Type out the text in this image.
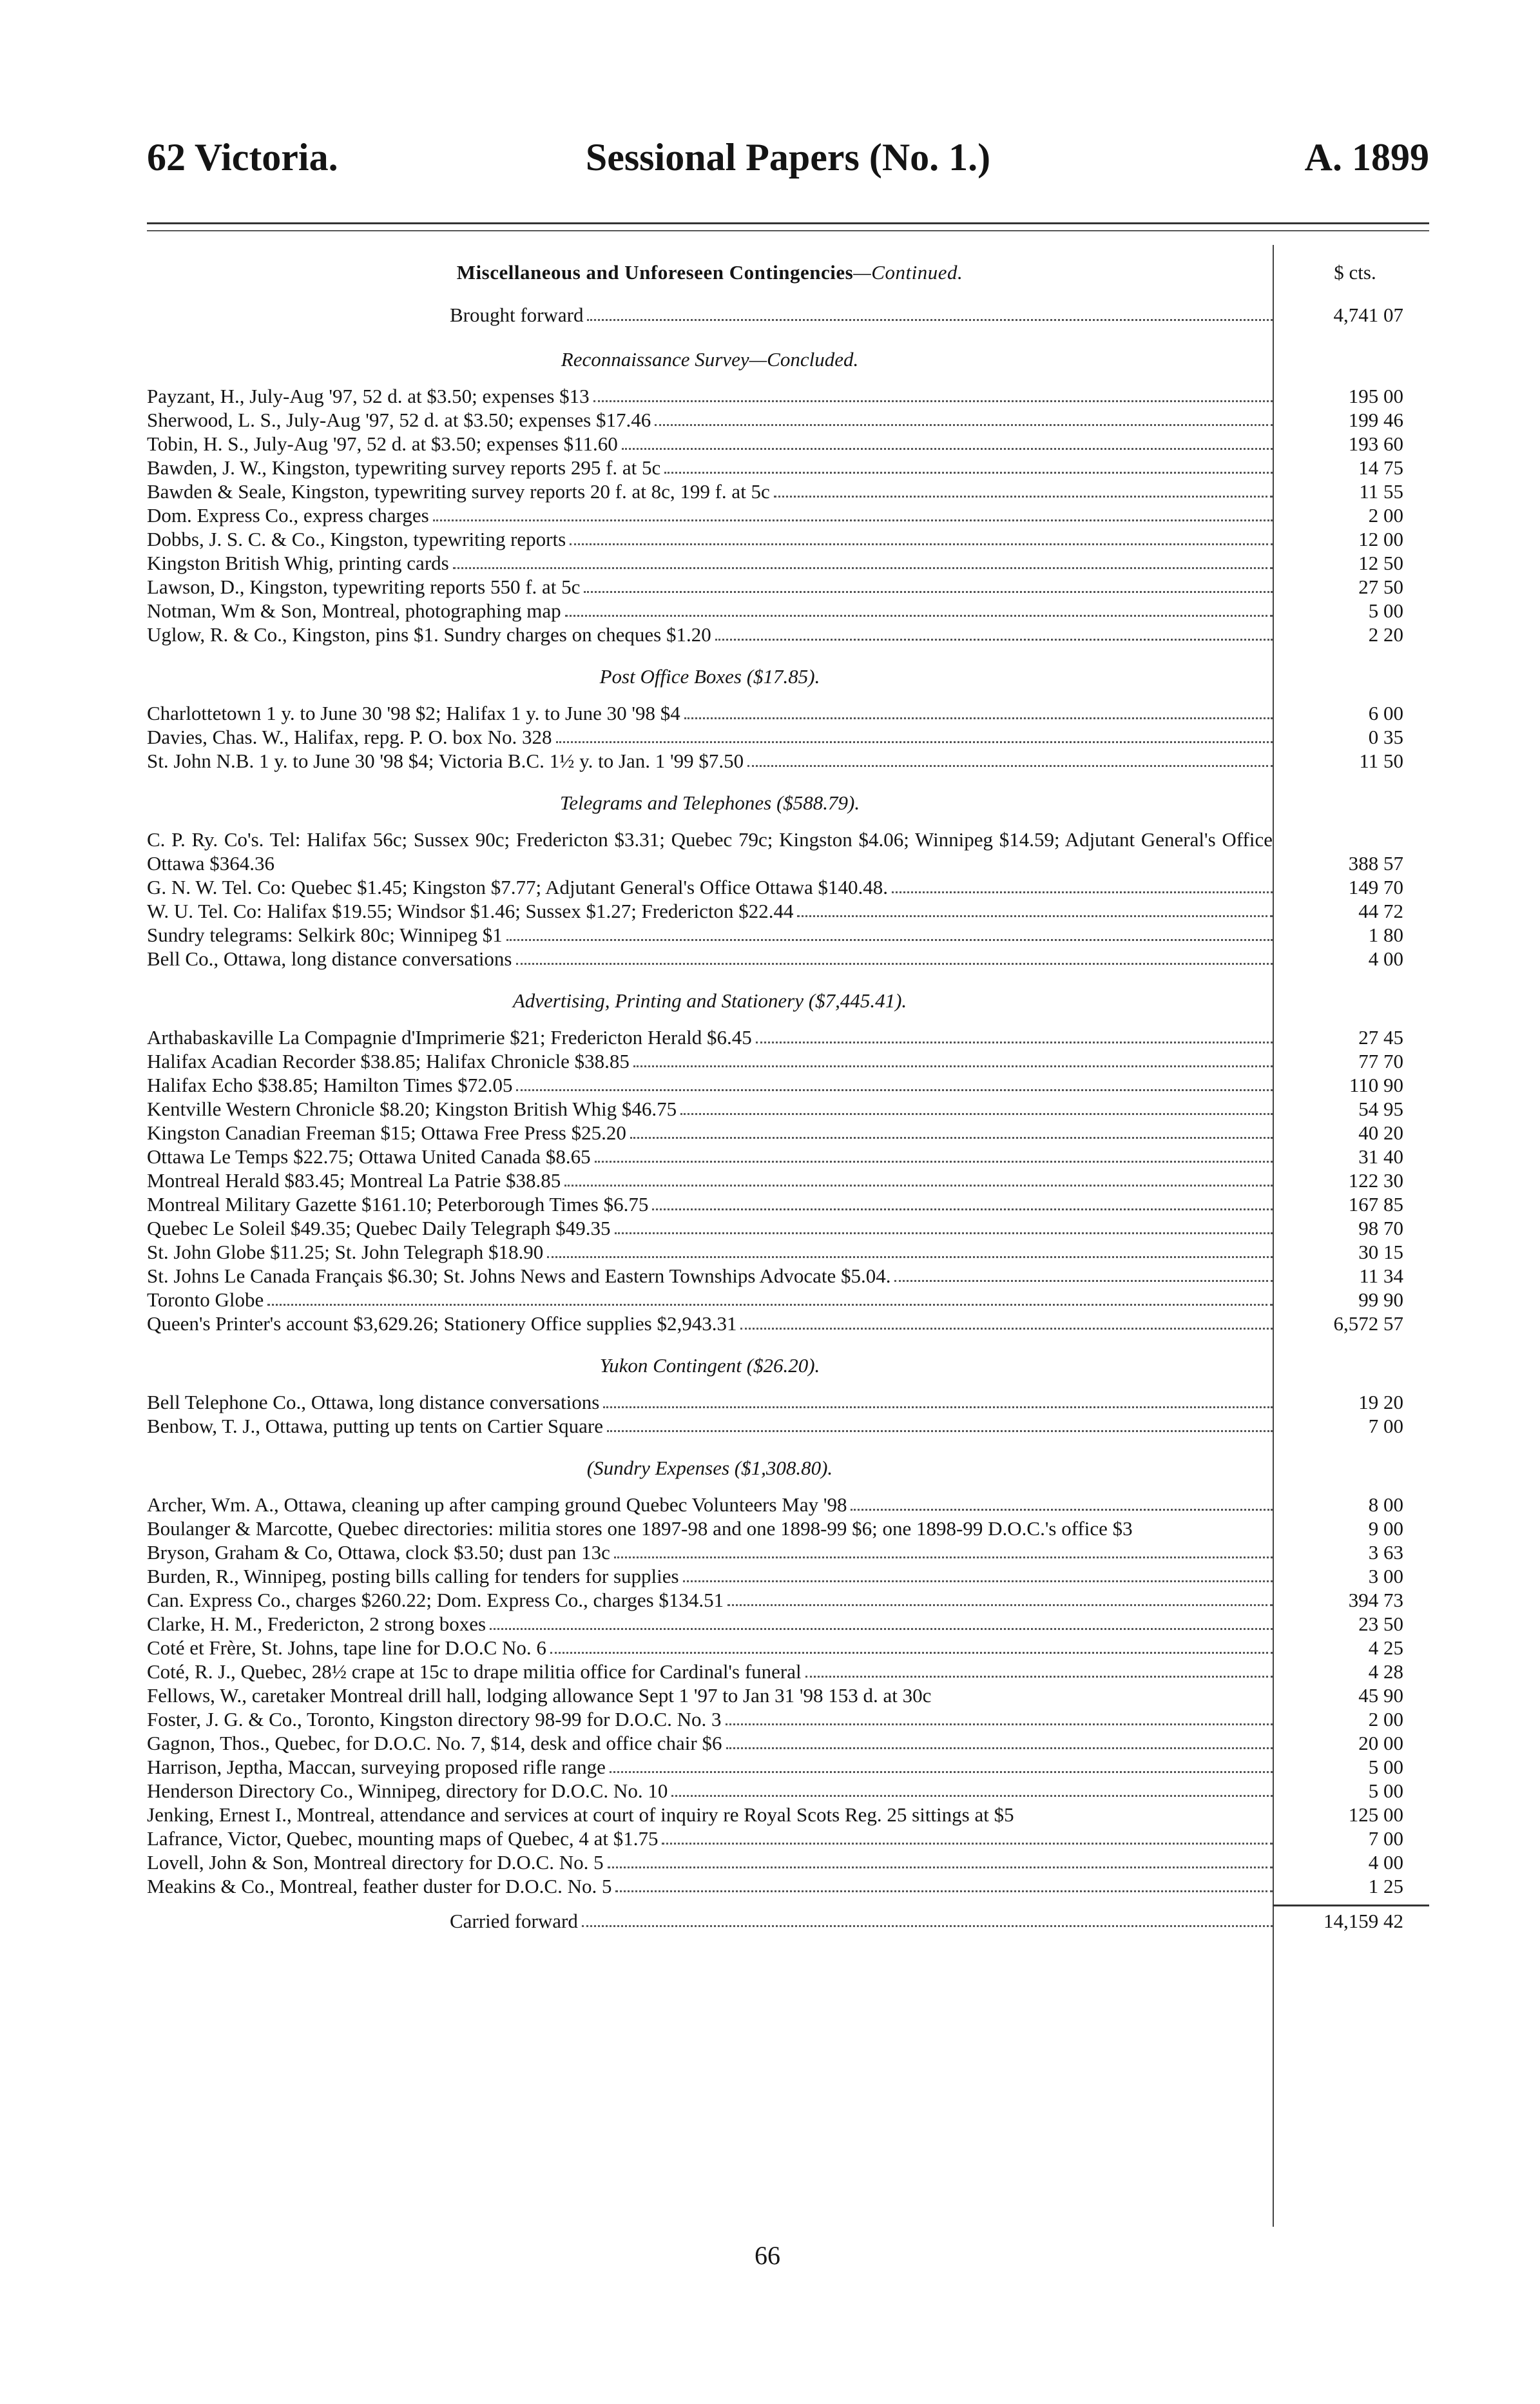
62 Victoria.	Sessional Papers (No. 1.)	A. 1899
Miscellaneous and Unforeseen Contingencies—Continued.	$ cts.
Brought forward	4,741 07
Reconnaissance Survey—Concluded.
Payzant, H., July-Aug '97, 52 d. at $3.50; expenses $13	195 00
Sherwood, L. S., July-Aug '97, 52 d. at $3.50; expenses $17.46	199 46
Tobin, H. S., July-Aug '97, 52 d. at $3.50; expenses $11.60	193 60
Bawden, J. W., Kingston, typewriting survey reports 295 f. at 5c	14 75
Bawden & Seale, Kingston, typewriting survey reports 20 f. at 8c, 199 f. at 5c	11 55
Dom. Express Co., express charges	2 00
Dobbs, J. S. C. & Co., Kingston, typewriting reports	12 00
Kingston British Whig, printing cards	12 50
Lawson, D., Kingston, typewriting reports 550 f. at 5c	27 50
Notman, Wm & Son, Montreal, photographing map	5 00
Uglow, R. & Co., Kingston, pins $1. Sundry charges on cheques $1.20	2 20
Post Office Boxes ($17.85).
Charlottetown 1 y. to June 30 '98 $2; Halifax 1 y. to June 30 '98 $4	6 00
Davies, Chas. W., Halifax, repg. P. O. box No. 328	0 35
St. John N.B. 1 y. to June 30 '98 $4; Victoria B.C. 1½ y. to Jan. 1 '99 $7.50	11 50
Telegrams and Telephones ($588.79).
C. P. Ry. Co's. Tel: Halifax 56c; Sussex 90c; Fredericton $3.31; Quebec 79c; Kingston $4.06; Winnipeg $14.59; Adjutant General's Office Ottawa $364.36	388 57
G. N. W. Tel. Co: Quebec $1.45; Kingston $7.77; Adjutant General's Office Ottawa $140.48.	149 70
W. U. Tel. Co: Halifax $19.55; Windsor $1.46; Sussex $1.27; Fredericton $22.44	44 72
Sundry telegrams: Selkirk 80c; Winnipeg $1	1 80
Bell Co., Ottawa, long distance conversations	4 00
Advertising, Printing and Stationery ($7,445.41).
Arthabaskaville La Compagnie d'Imprimerie $21; Fredericton Herald $6.45	27 45
Halifax Acadian Recorder $38.85; Halifax Chronicle $38.85	77 70
Halifax Echo $38.85; Hamilton Times $72.05	110 90
Kentville Western Chronicle $8.20; Kingston British Whig $46.75	54 95
Kingston Canadian Freeman $15; Ottawa Free Press $25.20	40 20
Ottawa Le Temps $22.75; Ottawa United Canada $8.65	31 40
Montreal Herald $83.45; Montreal La Patrie $38.85	122 30
Montreal Military Gazette $161.10; Peterborough Times $6.75	167 85
Quebec Le Soleil $49.35; Quebec Daily Telegraph $49.35	98 70
St. John Globe $11.25; St. John Telegraph $18.90	30 15
St. Johns Le Canada Français $6.30; St. Johns News and Eastern Townships Advocate $5.04.	11 34
Toronto Globe	99 90
Queen's Printer's account $3,629.26; Stationery Office supplies $2,943.31	6,572 57
Yukon Contingent ($26.20).
Bell Telephone Co., Ottawa, long distance conversations	19 20
Benbow, T. J., Ottawa, putting up tents on Cartier Square	7 00
(Sundry Expenses ($1,308.80).
Archer, Wm. A., Ottawa, cleaning up after camping ground Quebec Volunteers May '98	8 00
Boulanger & Marcotte, Quebec directories: militia stores one 1897-98 and one 1898-99 $6; one 1898-99 D.O.C.'s office $3	9 00
Bryson, Graham & Co, Ottawa, clock $3.50; dust pan 13c	3 63
Burden, R., Winnipeg, posting bills calling for tenders for supplies	3 00
Can. Express Co., charges $260.22; Dom. Express Co., charges $134.51	394 73
Clarke, H. M., Fredericton, 2 strong boxes	23 50
Coté et Frère, St. Johns, tape line for D.O.C No. 6	4 25
Coté, R. J., Quebec, 28½ crape at 15c to drape militia office for Cardinal's funeral	4 28
Fellows, W., caretaker Montreal drill hall, lodging allowance Sept 1 '97 to Jan 31 '98 153 d. at 30c	45 90
Foster, J. G. & Co., Toronto, Kingston directory 98-99 for D.O.C. No. 3	2 00
Gagnon, Thos., Quebec, for D.O.C. No. 7, $14, desk and office chair $6	20 00
Harrison, Jeptha, Maccan, surveying proposed rifle range	5 00
Henderson Directory Co., Winnipeg, directory for D.O.C. No. 10	5 00
Jenking, Ernest I., Montreal, attendance and services at court of inquiry re Royal Scots Reg. 25 sittings at $5	125 00
Lafrance, Victor, Quebec, mounting maps of Quebec, 4 at $1.75	7 00
Lovell, John & Son, Montreal directory for D.O.C. No. 5	4 00
Meakins & Co., Montreal, feather duster for D.O.C. No. 5	1 25
Carried forward	14,159 42
66
